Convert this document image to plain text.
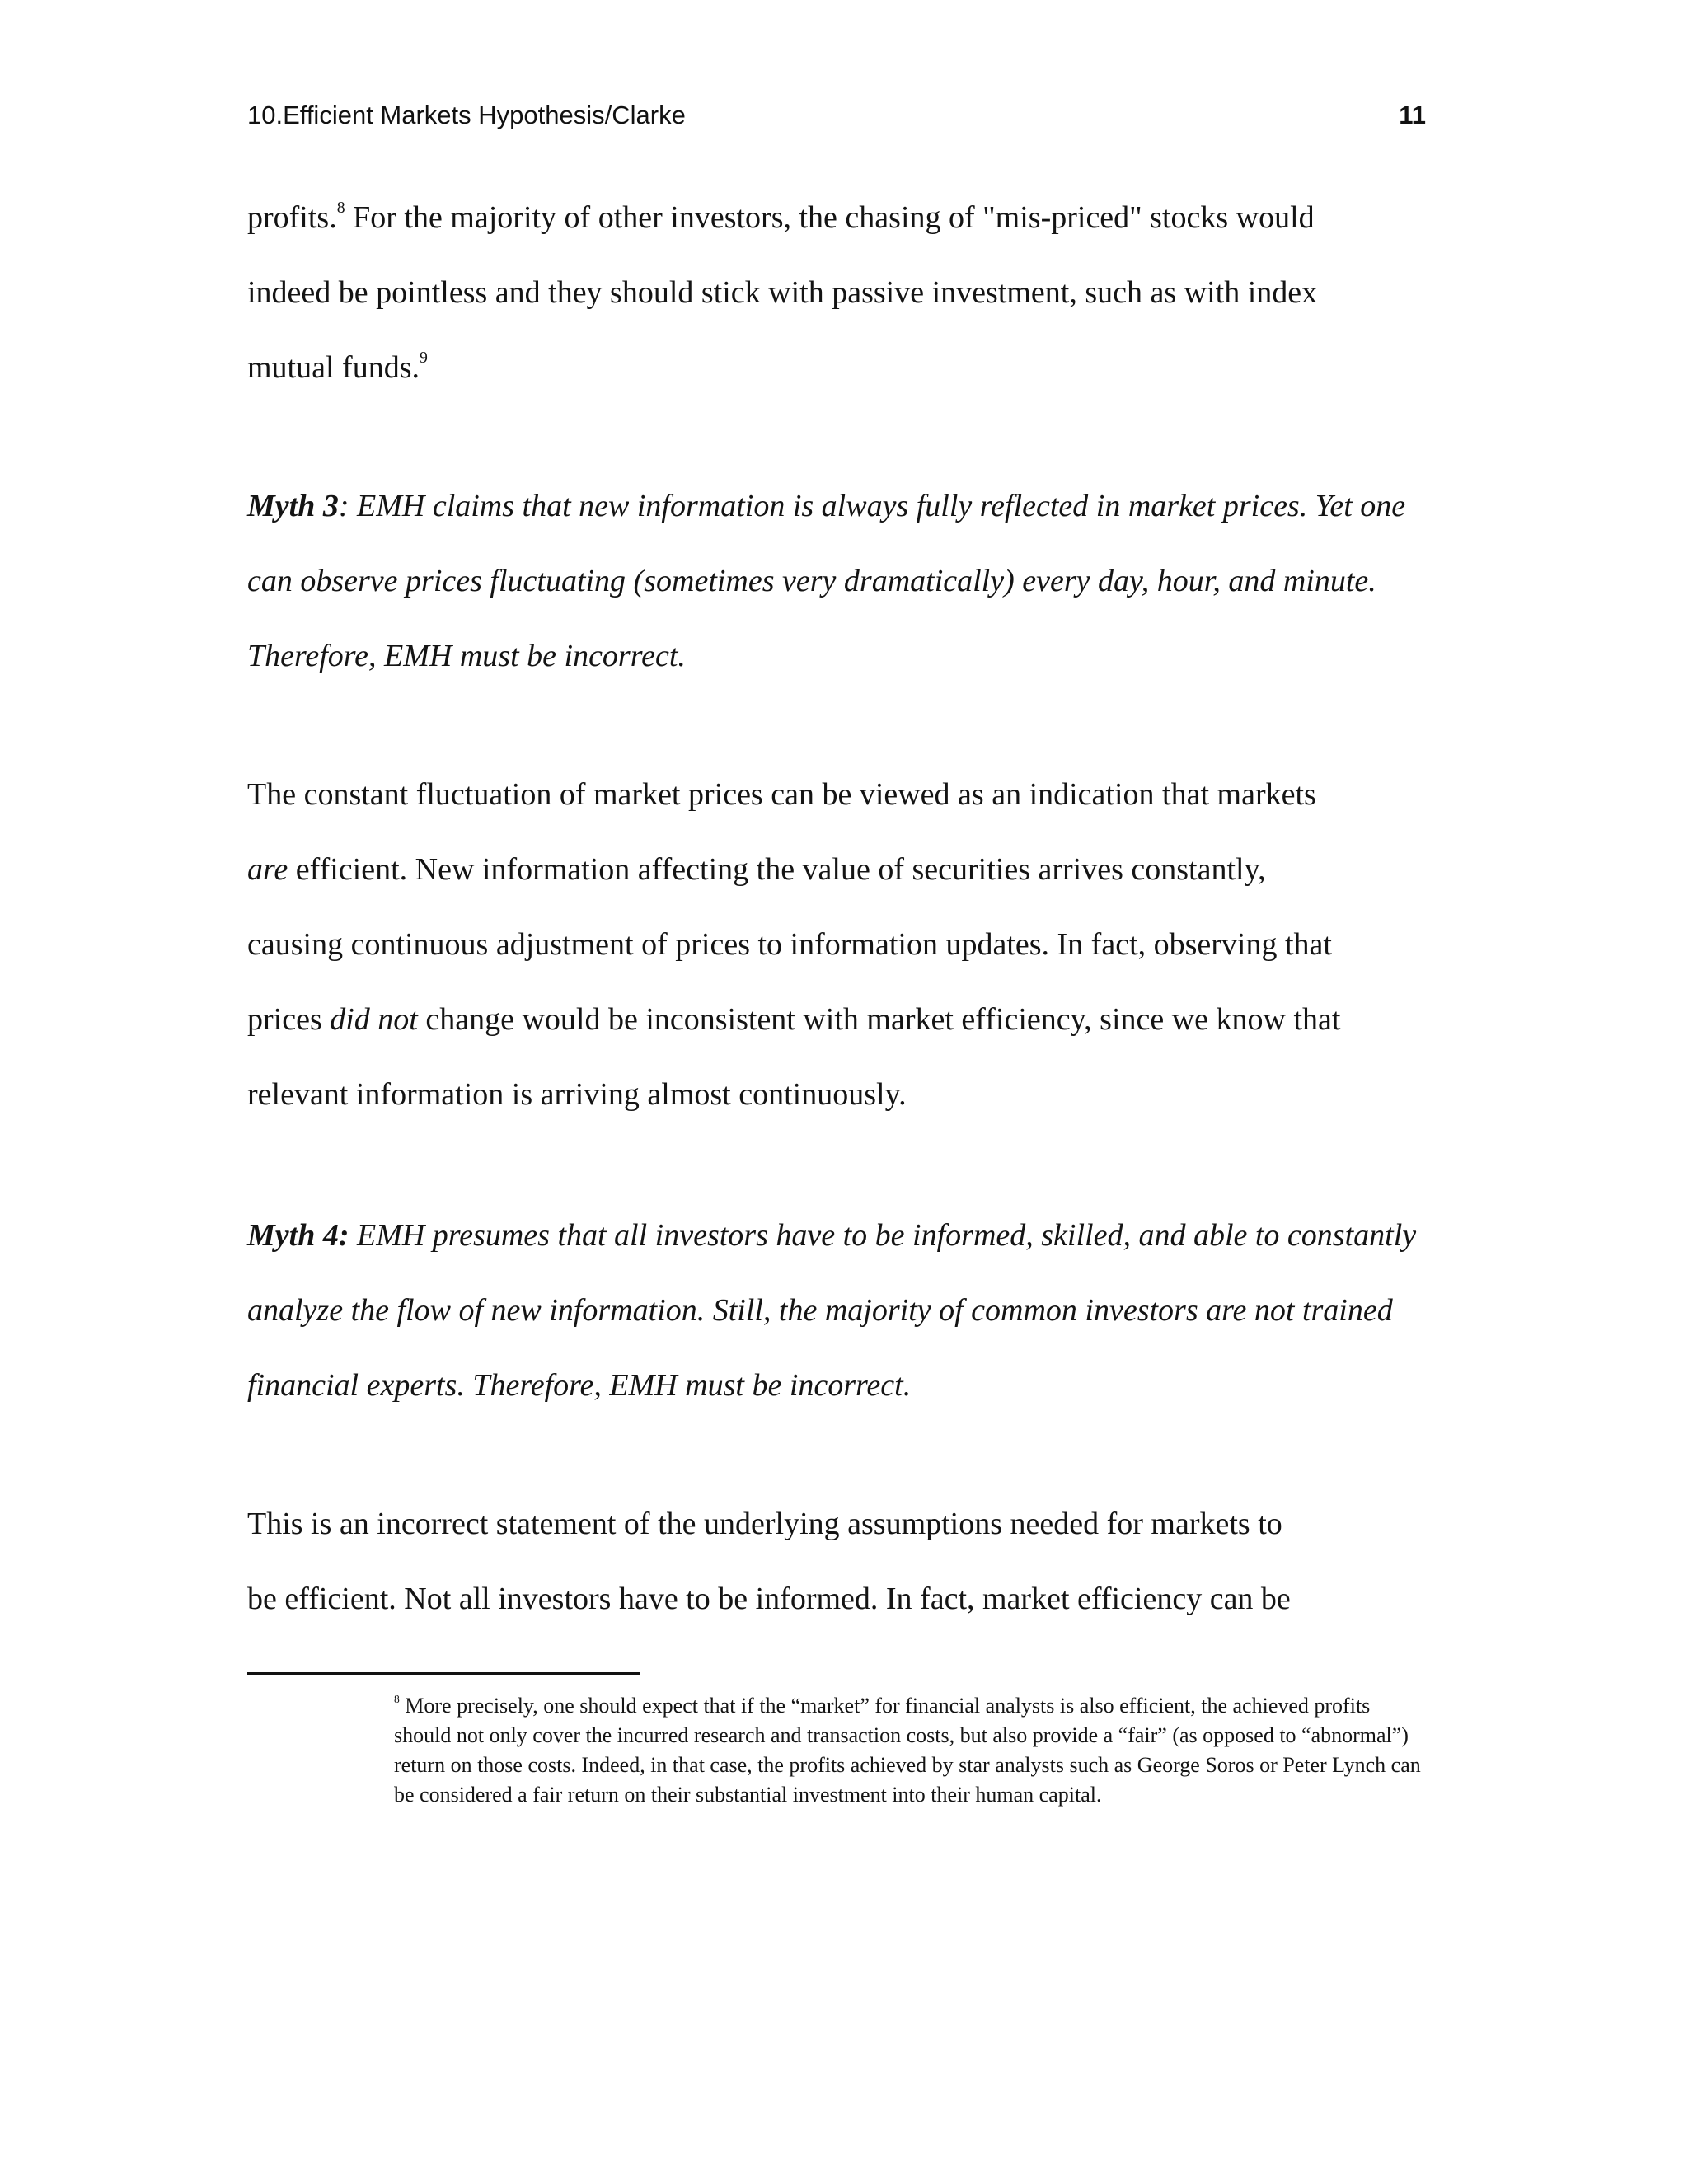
10.Efficient Markets Hypothesis/Clarke	11

profits.$^8$ For the majority of other investors, the chasing of "mis-priced" stocks would indeed be pointless and they should stick with passive investment, such as with index mutual funds.$^9$

Myth 3: EMH claims that new information is always fully reflected in market prices. Yet one can observe prices fluctuating (sometimes very dramatically) every day, hour, and minute. Therefore, EMH must be incorrect.

The constant fluctuation of market prices can be viewed as an indication that markets are efficient. New information affecting the value of securities arrives constantly, causing continuous adjustment of prices to information updates. In fact, observing that prices did not change would be inconsistent with market efficiency, since we know that relevant information is arriving almost continuously.

Myth 4: EMH presumes that all investors have to be informed, skilled, and able to constantly analyze the flow of new information. Still, the majority of common investors are not trained financial experts. Therefore, EMH must be incorrect.

This is an incorrect statement of the underlying assumptions needed for markets to be efficient. Not all investors have to be informed. In fact, market efficiency can be

$^8$ More precisely, one should expect that if the “market” for financial analysts is also efficient, the achieved profits should not only cover the incurred research and transaction costs, but also provide a “fair” (as opposed to “abnormal”) return on those costs. Indeed, in that case, the profits achieved by star analysts such as George Soros or Peter Lynch can be considered a fair return on their substantial investment into their human capital.
